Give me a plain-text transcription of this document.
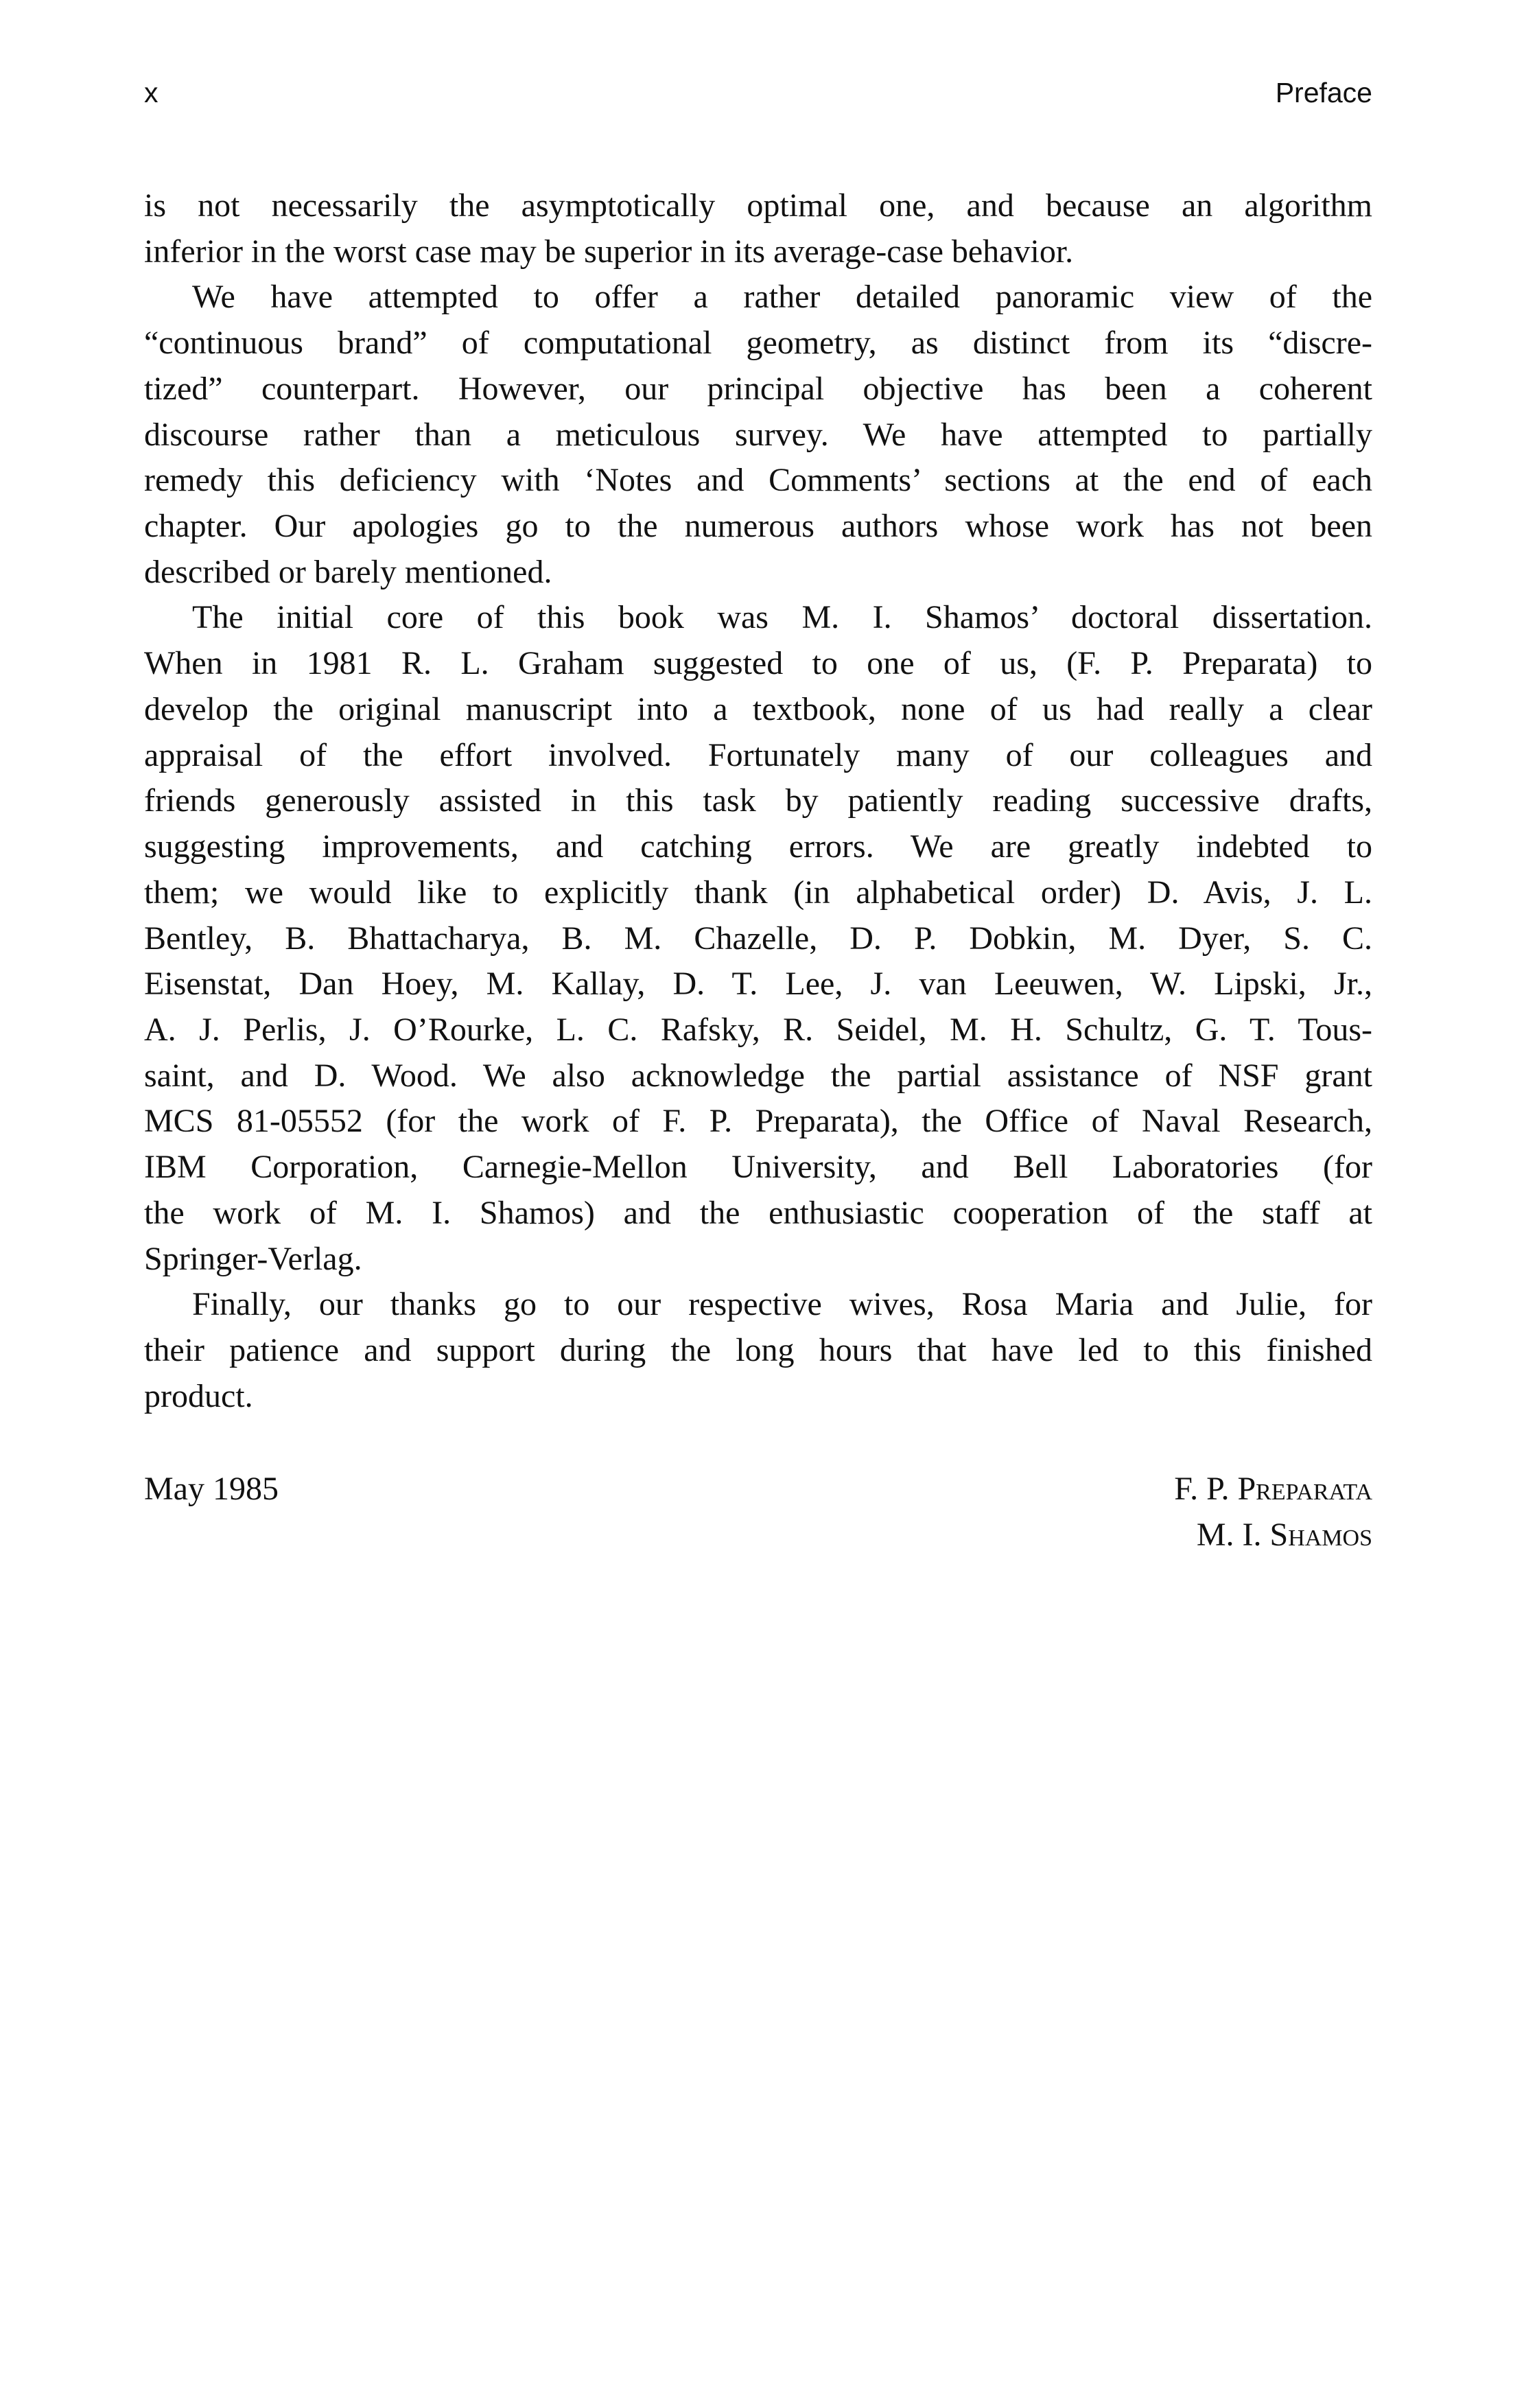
x	Preface
is not necessarily the asymptotically optimal one, and because an algorithm
inferior in the worst case may be superior in its average-case behavior.
We have attempted to offer a rather detailed panoramic view of the
“continuous brand” of computational geometry, as distinct from its “discre-
tized” counterpart. However, our principal objective has been a coherent
discourse rather than a meticulous survey. We have attempted to partially
remedy this deficiency with ‘Notes and Comments’ sections at the end of each
chapter. Our apologies go to the numerous authors whose work has not been
described or barely mentioned.
The initial core of this book was M. I. Shamos’ doctoral dissertation.
When in 1981 R. L. Graham suggested to one of us, (F. P. Preparata) to
develop the original manuscript into a textbook, none of us had really a clear
appraisal of the effort involved. Fortunately many of our colleagues and
friends generously assisted in this task by patiently reading successive drafts,
suggesting improvements, and catching errors. We are greatly indebted to
them; we would like to explicitly thank (in alphabetical order) D. Avis, J. L.
Bentley, B. Bhattacharya, B. M. Chazelle, D. P. Dobkin, M. Dyer, S. C.
Eisenstat, Dan Hoey, M. Kallay, D. T. Lee, J. van Leeuwen, W. Lipski, Jr.,
A. J. Perlis, J. O’Rourke, L. C. Rafsky, R. Seidel, M. H. Schultz, G. T. Tous-
saint, and D. Wood. We also acknowledge the partial assistance of NSF grant
MCS 81-05552 (for the work of F. P. Preparata), the Office of Naval Research,
IBM Corporation, Carnegie-Mellon University, and Bell Laboratories (for
the work of M. I. Shamos) and the enthusiastic cooperation of the staff at
Springer-Verlag.
Finally, our thanks go to our respective wives, Rosa Maria and Julie, for
their patience and support during the long hours that have led to this finished
product.
May 1985	F. P. Preparata
M. I. Shamos
